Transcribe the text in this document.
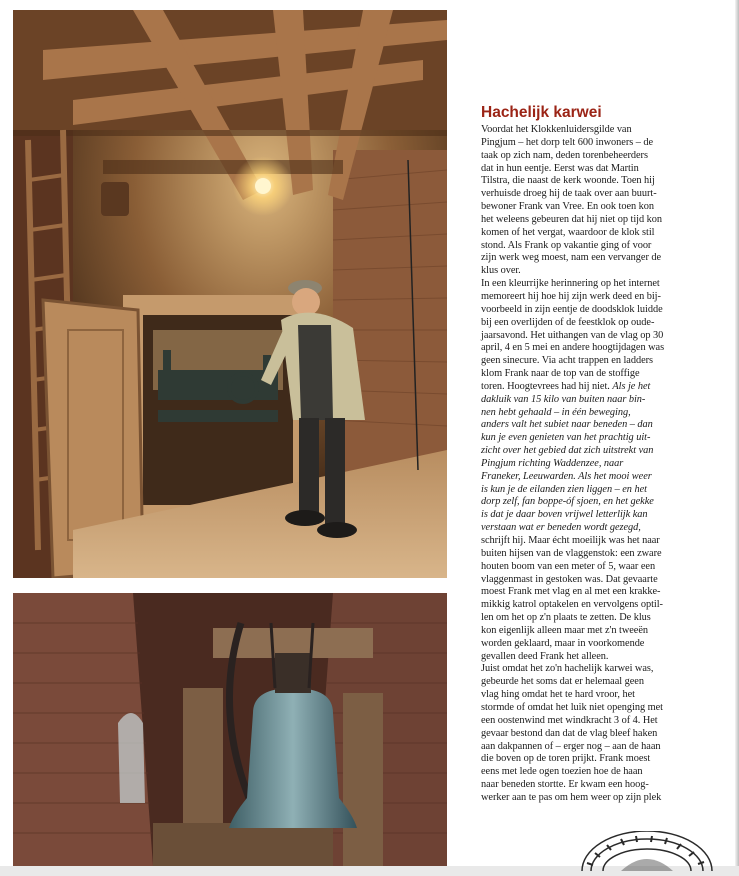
Hachelijk karwei

Voordat het Klokkenluidersgilde van
Pingjum – het dorp telt 600 inwoners – de
taak op zich nam, deden torenbeheerders
dat in hun eentje. Eerst was dat Martin
Tilstra, die naast de kerk woonde. Toen hij
verhuisde droeg hij de taak over aan buurt-
bewoner Frank van Vree. En ook toen kon
het weleens gebeuren dat hij niet op tijd kon
komen of het vergat, waardoor de klok stil
stond. Als Frank op vakantie ging of voor
zijn werk weg moest, nam een vervanger de
klus over.

In een kleurrijke herinnering op het internet
memoreert hij hoe hij zijn werk deed en bij-
voorbeeld in zijn eentje de doodsklok luidde
bij een overlijden of de feestklok op oude-
jaarsavond. Het uithangen van de vlag op 30
april, 4 en 5 mei en andere hoogtijdagen was
geen sinecure. Via acht trappen en ladders
klom Frank naar de top van de stoffige
toren. Hoogtevrees had hij niet. Als je het
dakluik van 15 kilo van buiten naar bin-
nen hebt gehaald – in één beweging,
anders valt het subiet naar beneden – dan
kun je even genieten van het prachtig uit-
zicht over het gebied dat zich uitstrekt van
Pingjum richting Waddenzee, naar
Franeker, Leeuwarden. Als het mooi weer
is kun je de eilanden zien liggen – en het
dorp zelf, fan boppe-óf sjoen, en het gekke
is dat je daar boven vrijwel letterlijk kan
verstaan wat er beneden wordt gezegd,
schrijft hij. Maar écht moeilijk was het naar
buiten hijsen van de vlaggenstok: een zware
houten boom van een meter of 5, waar een
vlaggenmast in gestoken was. Dat gevaarte
moest Frank met vlag en al met een krakke-
mikkig katrol optakelen en vervolgens optil-
len om het op z'n plaats te zetten. De klus
kon eigenlijk alleen maar met z'n tweeën
worden geklaard, maar in voorkomende
gevallen deed Frank het alleen.

Juist omdat het zo'n hachelijk karwei was,
gebeurde het soms dat er helemaal geen
vlag hing omdat het te hard vroor, het
stormde of omdat het luik niet openging met
een oostenwind met windkracht 3 of 4. Het
gevaar bestond dan dat de vlag bleef haken
aan dakpannen of – erger nog – aan de haan
die boven op de toren prijkt. Frank moest
eens met lede ogen toezien hoe de haan
naar beneden stortte. Er kwam een hoog-
werker aan te pas om hem weer op zijn plek
